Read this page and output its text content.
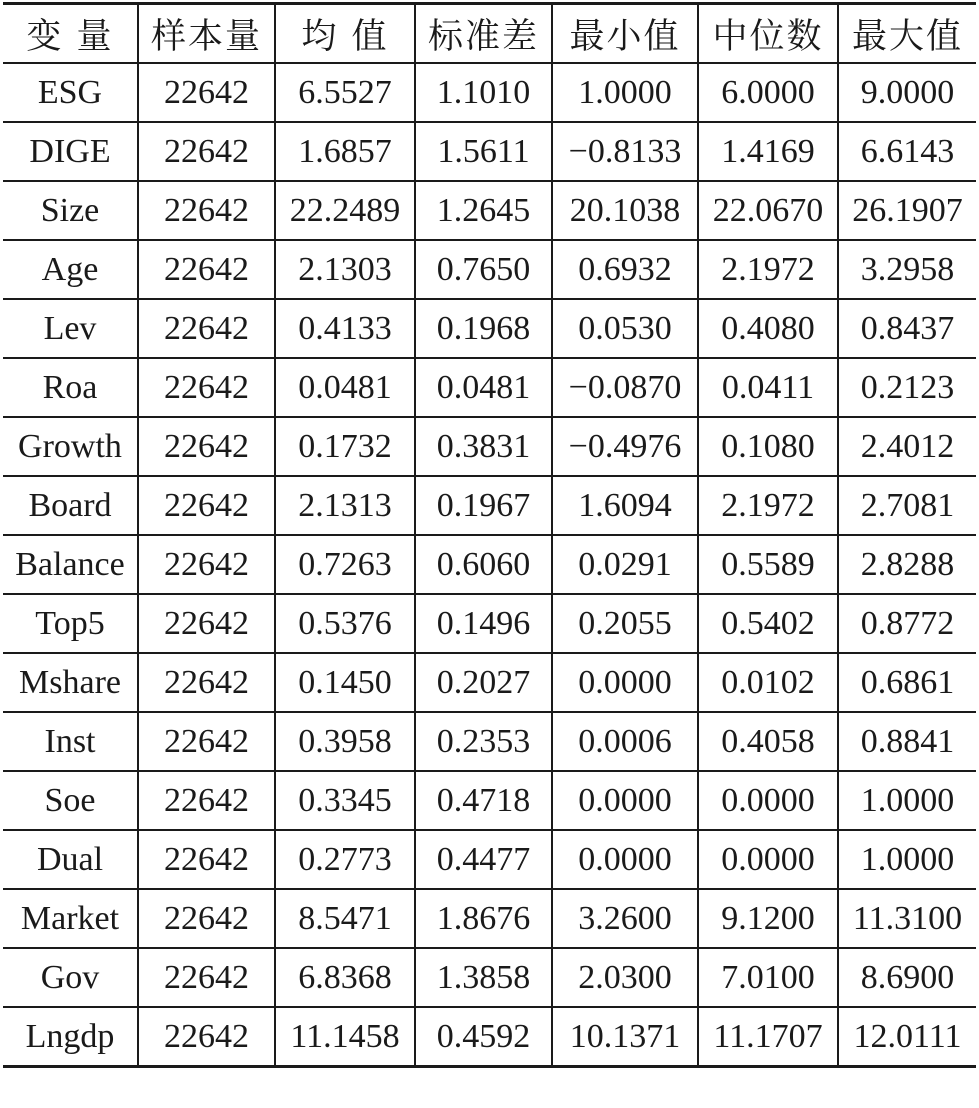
变 量	样本量	均 值	标准差	最小值	中位数	最大值
ESG	22642	6.5527	1.1010	1.0000	6.0000	9.0000
DIGE	22642	1.6857	1.5611	−0.8133	1.4169	6.6143
Size	22642	22.2489	1.2645	20.1038	22.0670	26.1907
Age	22642	2.1303	0.7650	0.6932	2.1972	3.2958
Lev	22642	0.4133	0.1968	0.0530	0.4080	0.8437
Roa	22642	0.0481	0.0481	−0.0870	0.0411	0.2123
Growth	22642	0.1732	0.3831	−0.4976	0.1080	2.4012
Board	22642	2.1313	0.1967	1.6094	2.1972	2.7081
Balance	22642	0.7263	0.6060	0.0291	0.5589	2.8288
Top5	22642	0.5376	0.1496	0.2055	0.5402	0.8772
Mshare	22642	0.1450	0.2027	0.0000	0.0102	0.6861
Inst	22642	0.3958	0.2353	0.0006	0.4058	0.8841
Soe	22642	0.3345	0.4718	0.0000	0.0000	1.0000
Dual	22642	0.2773	0.4477	0.0000	0.0000	1.0000
Market	22642	8.5471	1.8676	3.2600	9.1200	11.3100
Gov	22642	6.8368	1.3858	2.0300	7.0100	8.6900
Lngdp	22642	11.1458	0.4592	10.1371	11.1707	12.0111
